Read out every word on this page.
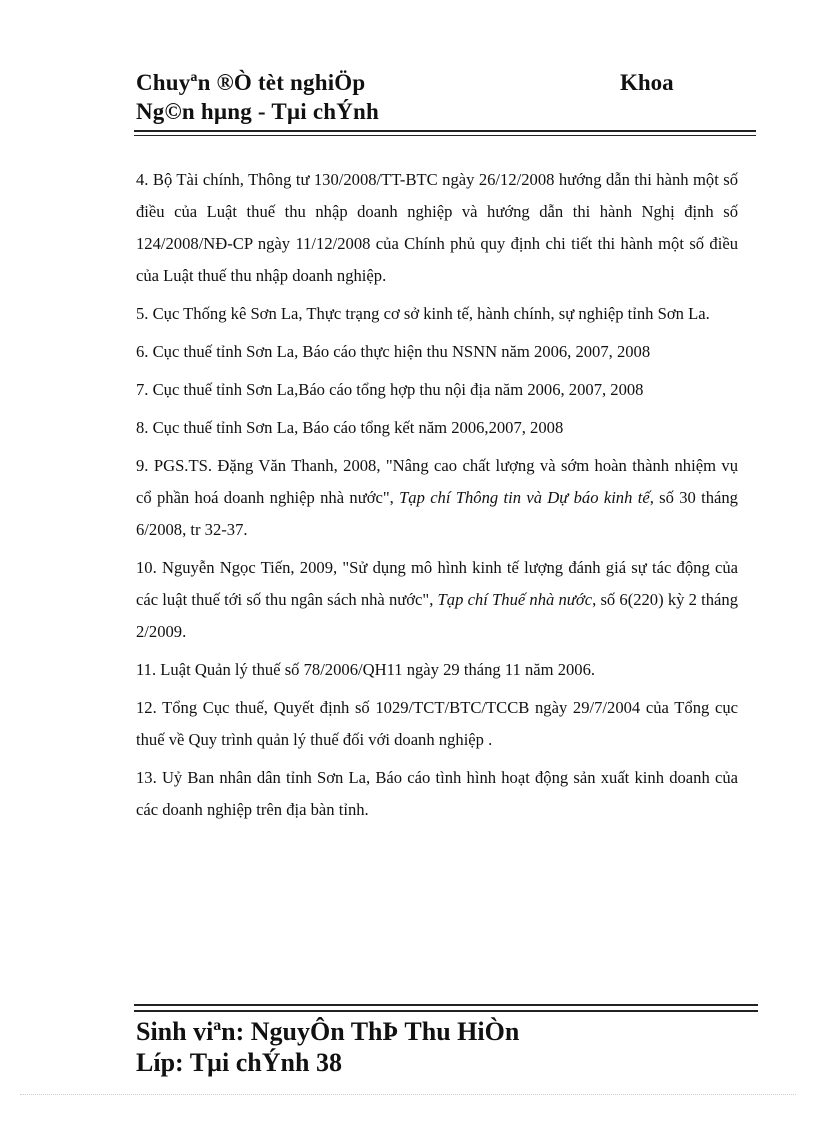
Chuyªn ®Ò tèt nghiÖp
Ng©n hµng - Tµi chÝnh
Khoa

4. Bộ Tài chính, Thông tư 130/2008/TT-BTC ngày 26/12/2008 hướng dẫn thi hành một số điều của Luật thuế thu nhập doanh nghiệp và hướng dẫn thi hành Nghị định số 124/2008/NĐ-CP ngày 11/12/2008 của Chính phủ quy định chi tiết thi hành một số điều của Luật thuế thu nhập doanh nghiệp.

5. Cục Thống kê Sơn La, Thực trạng cơ sở kinh tế, hành chính, sự nghiệp tỉnh Sơn La.

6. Cục thuế tỉnh Sơn La, Báo cáo thực hiện thu NSNN năm 2006, 2007, 2008

7. Cục thuế tỉnh Sơn La,Báo cáo tổng hợp thu nội địa năm 2006, 2007, 2008

8. Cục thuế tỉnh Sơn La, Báo cáo tổng kết năm 2006,2007, 2008

9. PGS.TS. Đặng Văn Thanh, 2008, "Nâng cao chất lượng và sớm hoàn thành nhiệm vụ cổ phần hoá doanh nghiệp nhà nước", Tạp chí Thông tin và Dự báo kinh tế, số 30 tháng 6/2008, tr 32-37.

10. Nguyễn Ngọc Tiến, 2009, "Sử dụng mô hình kinh tế lượng đánh giá sự tác động của các luật thuế tới số thu ngân sách nhà nước", Tạp chí Thuế nhà nước, số 6(220) kỳ 2 tháng 2/2009.

11. Luật Quản lý thuế số 78/2006/QH11 ngày 29 tháng 11 năm 2006.

12. Tổng Cục thuế, Quyết định số 1029/TCT/BTC/TCCB ngày 29/7/2004 của Tổng cục thuế về Quy trình quản lý thuế đối với doanh nghiệp .

13. Uỷ Ban nhân dân tỉnh Sơn La, Báo cáo tình hình hoạt động sản xuất kinh doanh của các doanh nghiệp trên địa bàn tỉnh.

Sinh viªn: NguyÔn ThÞ Thu HiÒn
Líp: Tµi chÝnh 38
